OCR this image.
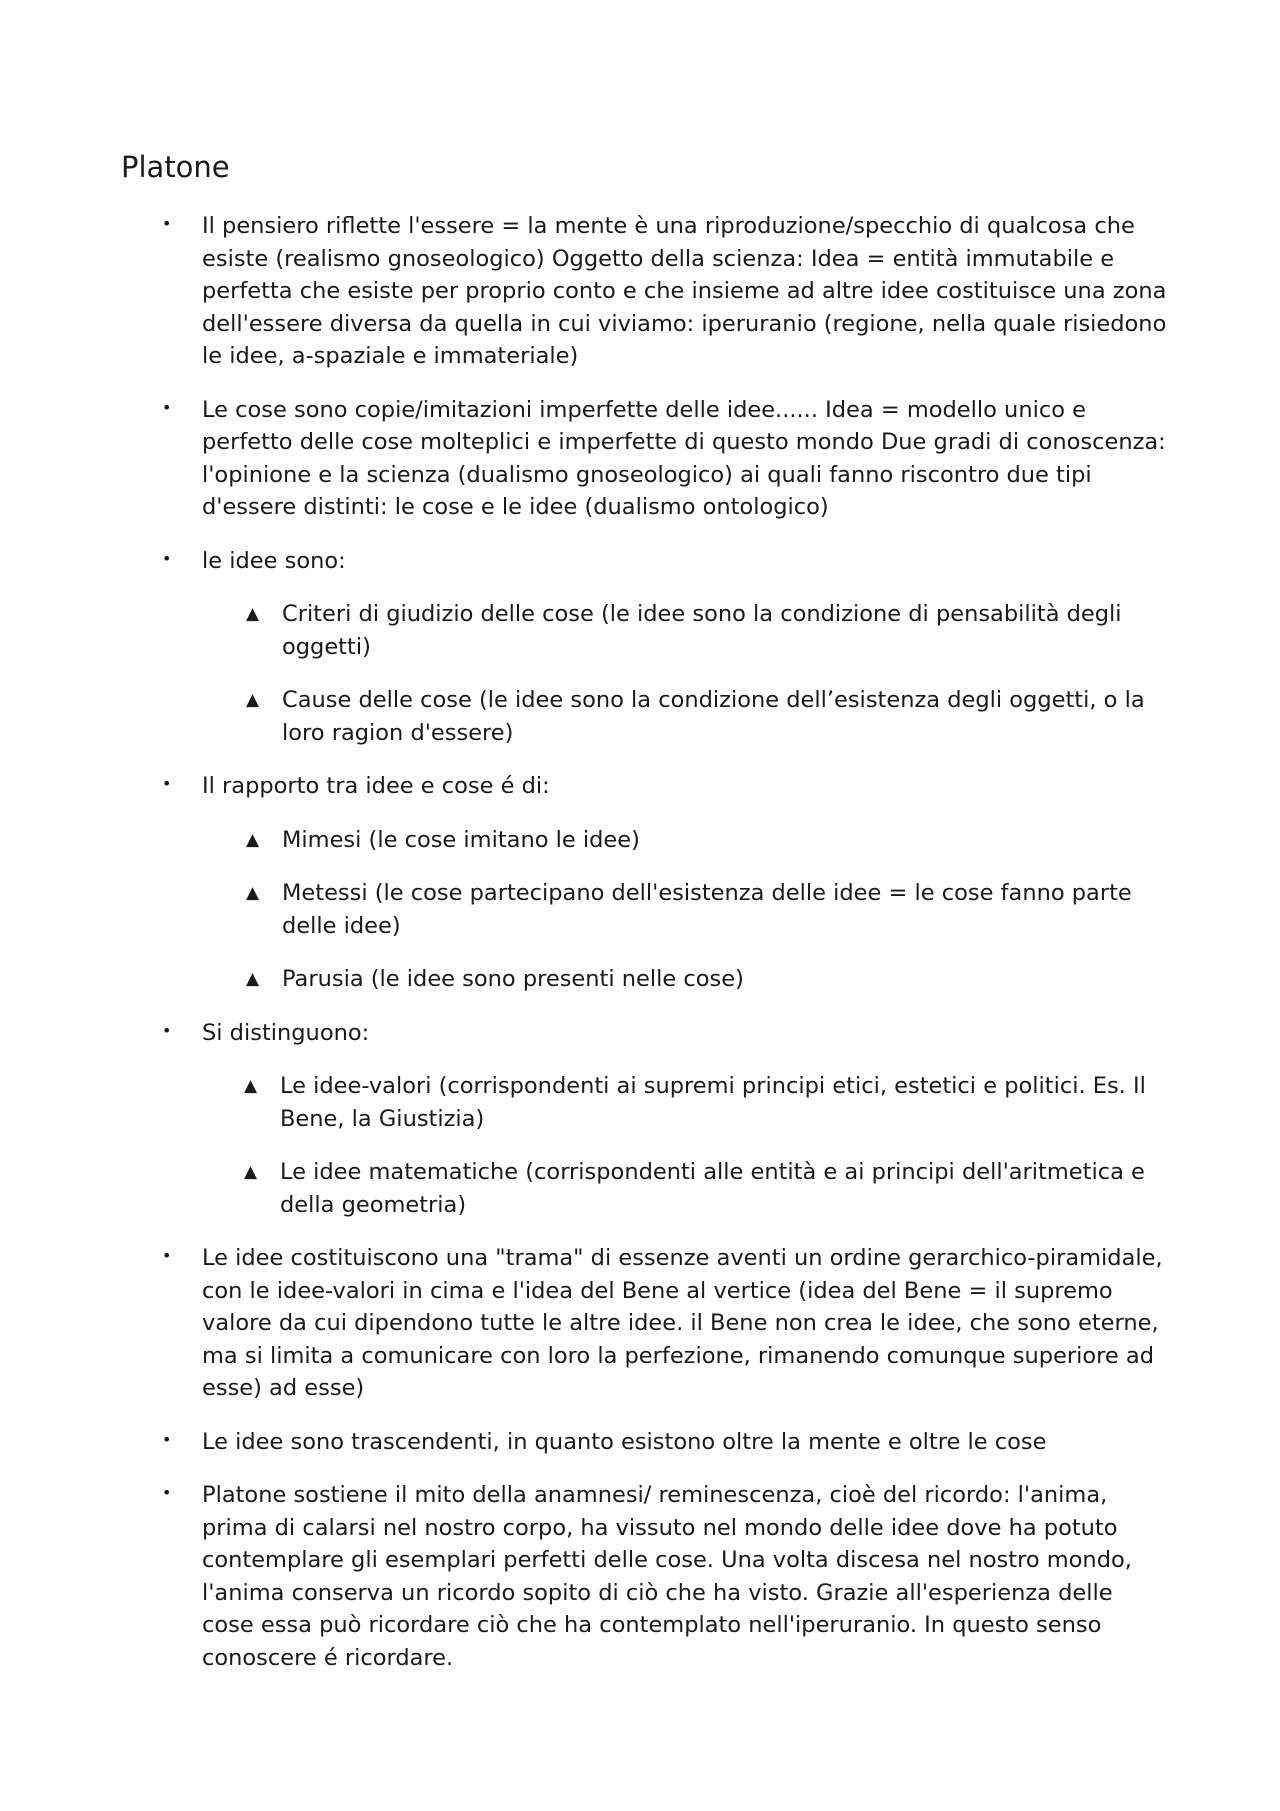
Platone
• Il pensiero riflette l'essere = la mente è una riproduzione/specchio di qualcosa che esiste (realismo gnoseologico) Oggetto della scienza: Idea = entità immutabile e perfetta che esiste per proprio conto e che insieme ad altre idee costituisce una zona dell'essere diversa da quella in cui viviamo: iperuranio (regione, nella quale risiedono le idee, a-spaziale e immateriale)
• Le cose sono copie/imitazioni imperfette delle idee...... Idea = modello unico e perfetto delle cose molteplici e imperfette di questo mondo Due gradi di conoscenza: l'opinione e la scienza (dualismo gnoseologico) ai quali fanno riscontro due tipi d'essere distinti: le cose e le idee (dualismo ontologico)
• le idee sono:
▲ Criteri di giudizio delle cose (le idee sono la condizione di pensabilità degli oggetti)
▲ Cause delle cose (le idee sono la condizione dell’esistenza degli oggetti, o la loro ragion d'essere)
• Il rapporto tra idee e cose é di:
▲ Mimesi (le cose imitano le idee)
▲ Metessi (le cose partecipano dell'esistenza delle idee = le cose fanno parte delle idee)
▲ Parusia (le idee sono presenti nelle cose)
• Si distinguono:
▲ Le idee-valori (corrispondenti ai supremi principi etici, estetici e politici. Es. Il Bene, la Giustizia)
▲ Le idee matematiche (corrispondenti alle entità e ai principi dell'aritmetica e della geometria)
• Le idee costituiscono una "trama" di essenze aventi un ordine gerarchico-piramidale, con le idee-valori in cima e l'idea del Bene al vertice (idea del Bene = il supremo valore da cui dipendono tutte le altre idee. il Bene non crea le idee, che sono eterne, ma si limita a comunicare con loro la perfezione, rimanendo comunque superiore ad esse) ad esse)
• Le idee sono trascendenti, in quanto esistono oltre la mente e oltre le cose
• Platone sostiene il mito della anamnesi/ reminescenza, cioè del ricordo: l'anima, prima di calarsi nel nostro corpo, ha vissuto nel mondo delle idee dove ha potuto contemplare gli esemplari perfetti delle cose. Una volta discesa nel nostro mondo, l'anima conserva un ricordo sopito di ciò che ha visto. Grazie all'esperienza delle cose essa può ricordare ciò che ha contemplato nell'iperuranio. In questo senso conoscere é ricordare.
